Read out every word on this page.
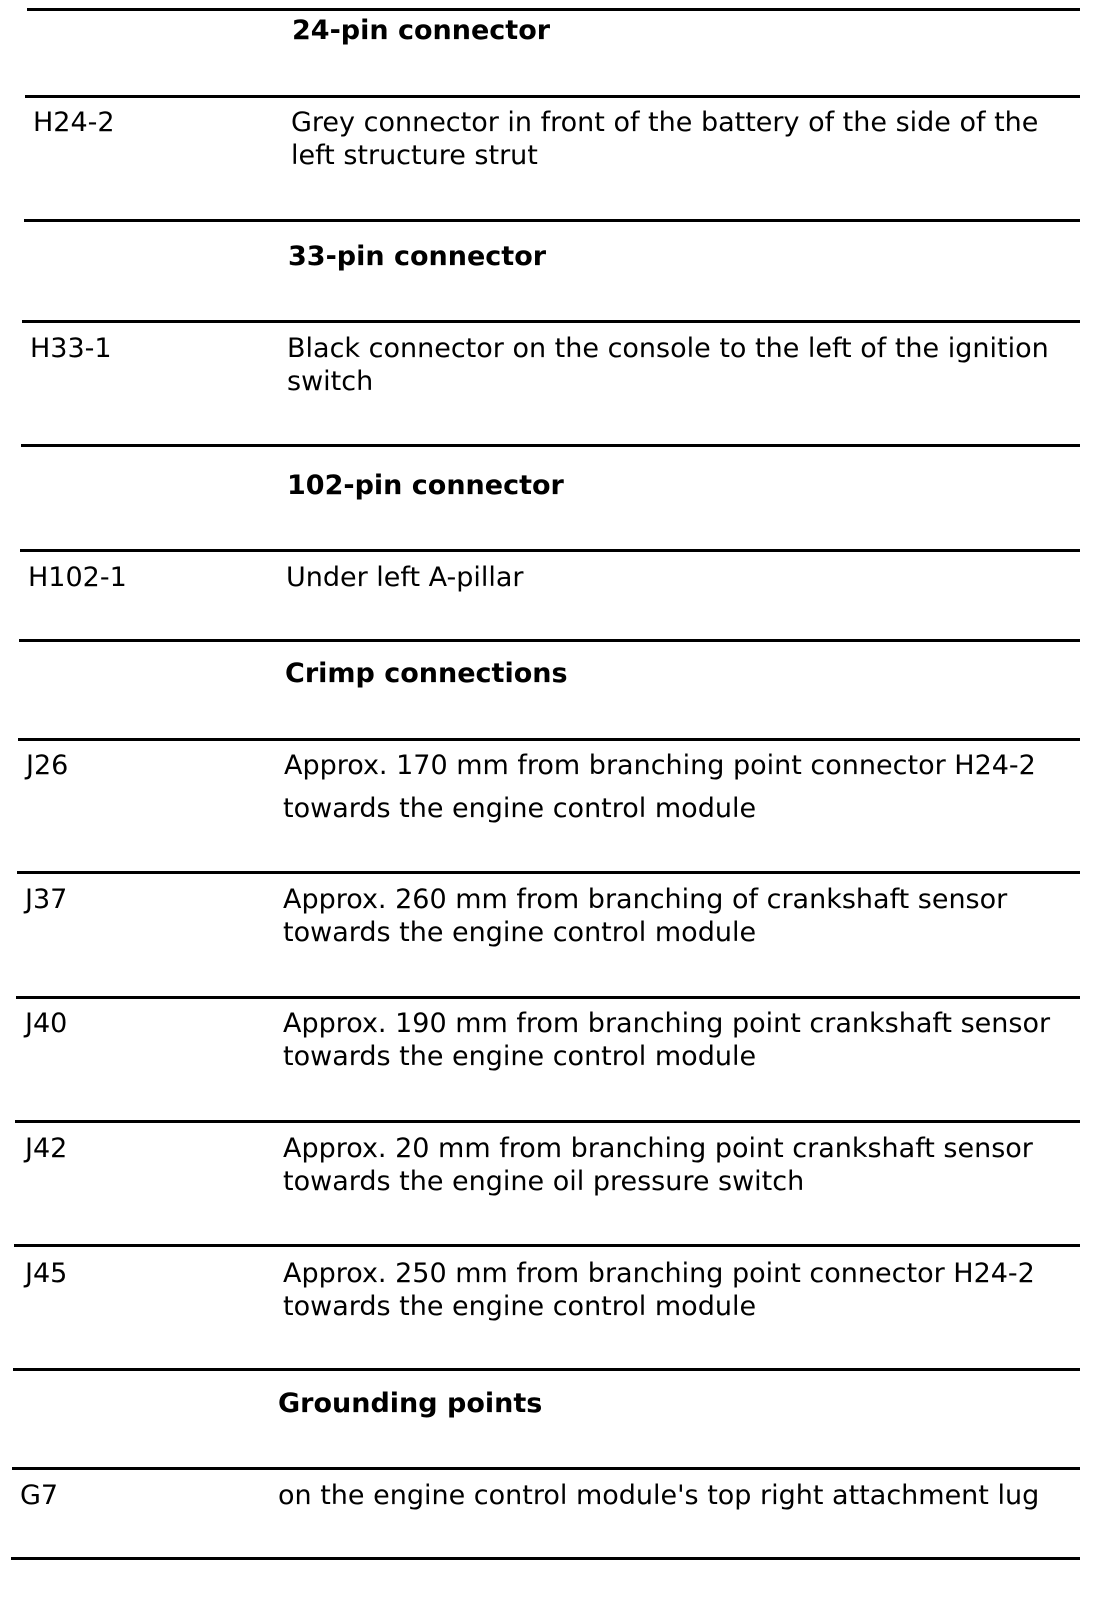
24-pin connector
H24-2	Grey connector in front of the battery of the side of the
left structure strut
33-pin connector
H33-1	Black connector on the console to the left of the ignition
switch
102-pin connector
H102-1	Under left A-pillar
Crimp connections
J26	Approx. 170 mm from branching point connector H24-2
towards the engine control module
J37	Approx. 260 mm from branching of crankshaft sensor
towards the engine control module
J40	Approx. 190 mm from branching point crankshaft sensor
towards the engine control module
J42	Approx. 20 mm from branching point crankshaft sensor
towards the engine oil pressure switch
J45	Approx. 250 mm from branching point connector H24-2
towards the engine control module
Grounding points
G7	on the engine control module's top right attachment lug
